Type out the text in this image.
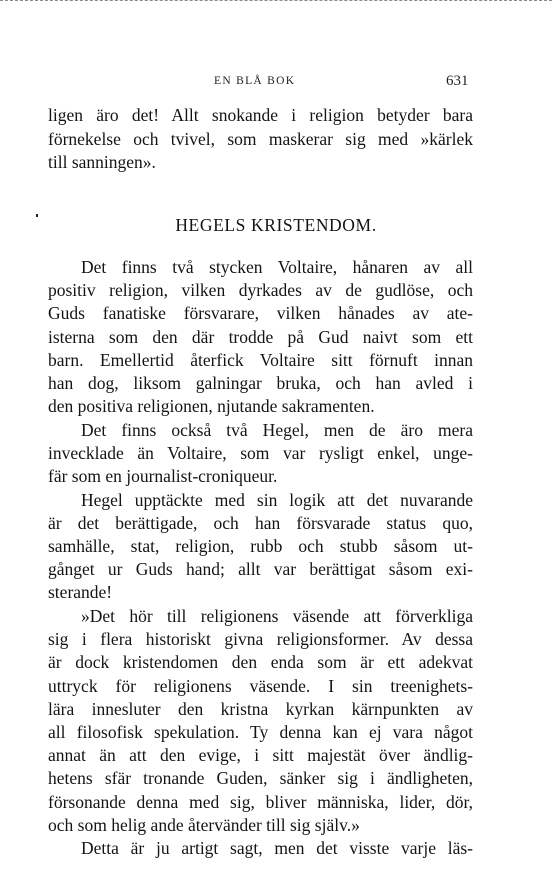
EN BLÅ BOK	631
ligen äro det! Allt snokande i religion betyder bara
förnekelse och tvivel, som maskerar sig med »kärlek
till sanningen».
HEGELS KRISTENDOM.
Det finns två stycken Voltaire, hånaren av all
positiv religion, vilken dyrkades av de gudlöse, och
Guds fanatiske försvarare, vilken hånades av ate-
isterna som den där trodde på Gud naivt som ett
barn. Emellertid återfick Voltaire sitt förnuft innan
han dog, liksom galningar bruka, och han avled i
den positiva religionen, njutande sakramenten.
Det finns också två Hegel, men de äro mera
invecklade än Voltaire, som var rysligt enkel, unge-
fär som en journalist-croniqueur.
Hegel upptäckte med sin logik att det nuvarande
är det berättigade, och han försvarade status quo,
samhälle, stat, religion, rubb och stubb såsom ut-
gånget ur Guds hand; allt var berättigat såsom exi-
sterande!
»Det hör till religionens väsende att förverkliga
sig i flera historiskt givna religionsformer. Av dessa
är dock kristendomen den enda som är ett adekvat
uttryck för religionens väsende. I sin treenighets-
lära innesluter den kristna kyrkan kärnpunkten av
all filosofisk spekulation. Ty denna kan ej vara något
annat än att den evige, i sitt majestät över ändlig-
hetens sfär tronande Guden, sänker sig i ändligheten,
försonande denna med sig, bliver människa, lider, dör,
och som helig ande återvänder till sig själv.»
Detta är ju artigt sagt, men det visste varje läs-
